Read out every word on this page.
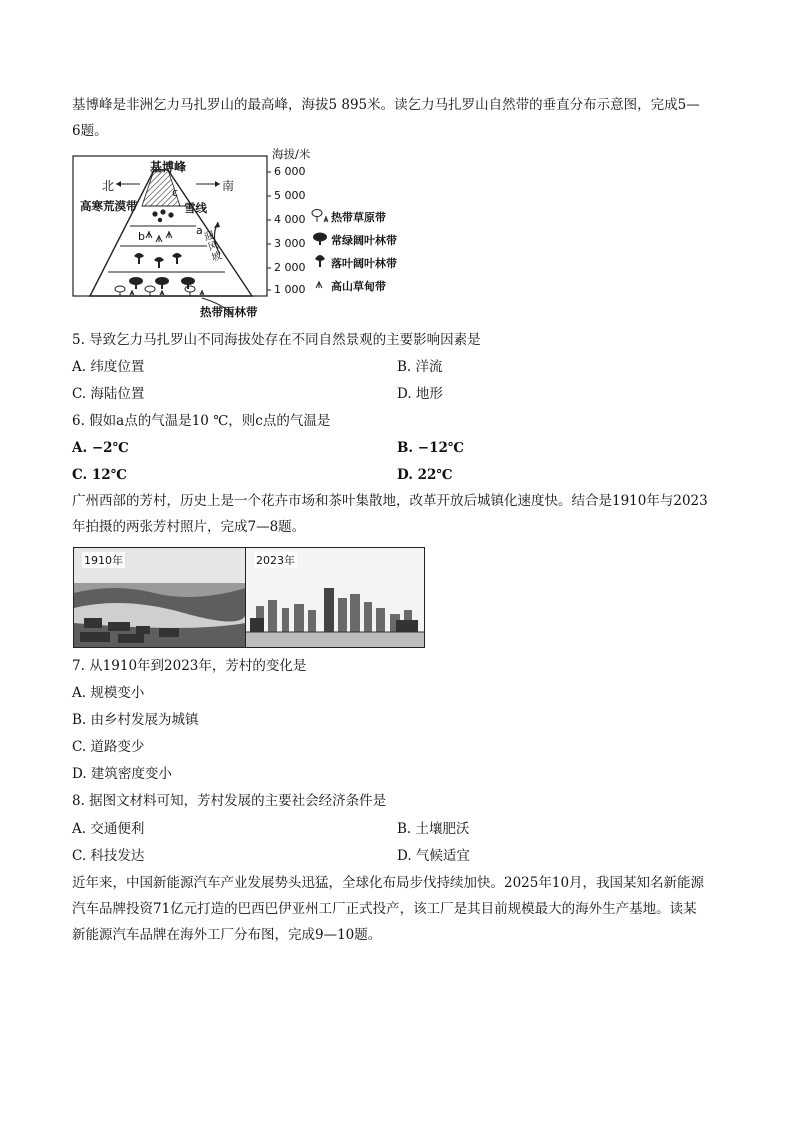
基博峰是非洲乞力马扎罗山的最高峰，海拔5 895米。读乞力马扎罗山自然带的垂直分布示意图，完成5—
6题。
基博峰
北	南
高寒荒漠带	雪线
c
b	a 迎风坡
热带雨林带
海拔/米
6 000
5 000
4 000
3 000
2 000
1 000
热带草原带
常绿阔叶林带
落叶阔叶林带
高山草甸带
5. 导致乞力马扎罗山不同海拔处存在不同自然景观的主要影响因素是
A. 纬度位置	B. 洋流
C. 海陆位置	D. 地形
6. 假如a点的气温是10 ℃，则c点的气温是
A. −2℃	B. −12℃
C. 12℃	D. 22℃
广州西部的芳村，历史上是一个花卉市场和茶叶集散地，改革开放后城镇化速度快。结合是1910年与2023
年拍摄的两张芳村照片，完成7—8题。
1910年	2023年
7. 从1910年到2023年，芳村的变化是
A. 规模变小
B. 由乡村发展为城镇
C. 道路变少
D. 建筑密度变小
8. 据图文材料可知，芳村发展的主要社会经济条件是
A. 交通便利	B. 土壤肥沃
C. 科技发达	D. 气候适宜
近年来，中国新能源汽车产业发展势头迅猛，全球化布局步伐持续加快。2025年10月，我国某知名新能源
汽车品牌投资71亿元打造的巴西巴伊亚州工厂正式投产，该工厂是其目前规模最大的海外生产基地。读某
新能源汽车品牌在海外工厂分布图，完成9—10题。
